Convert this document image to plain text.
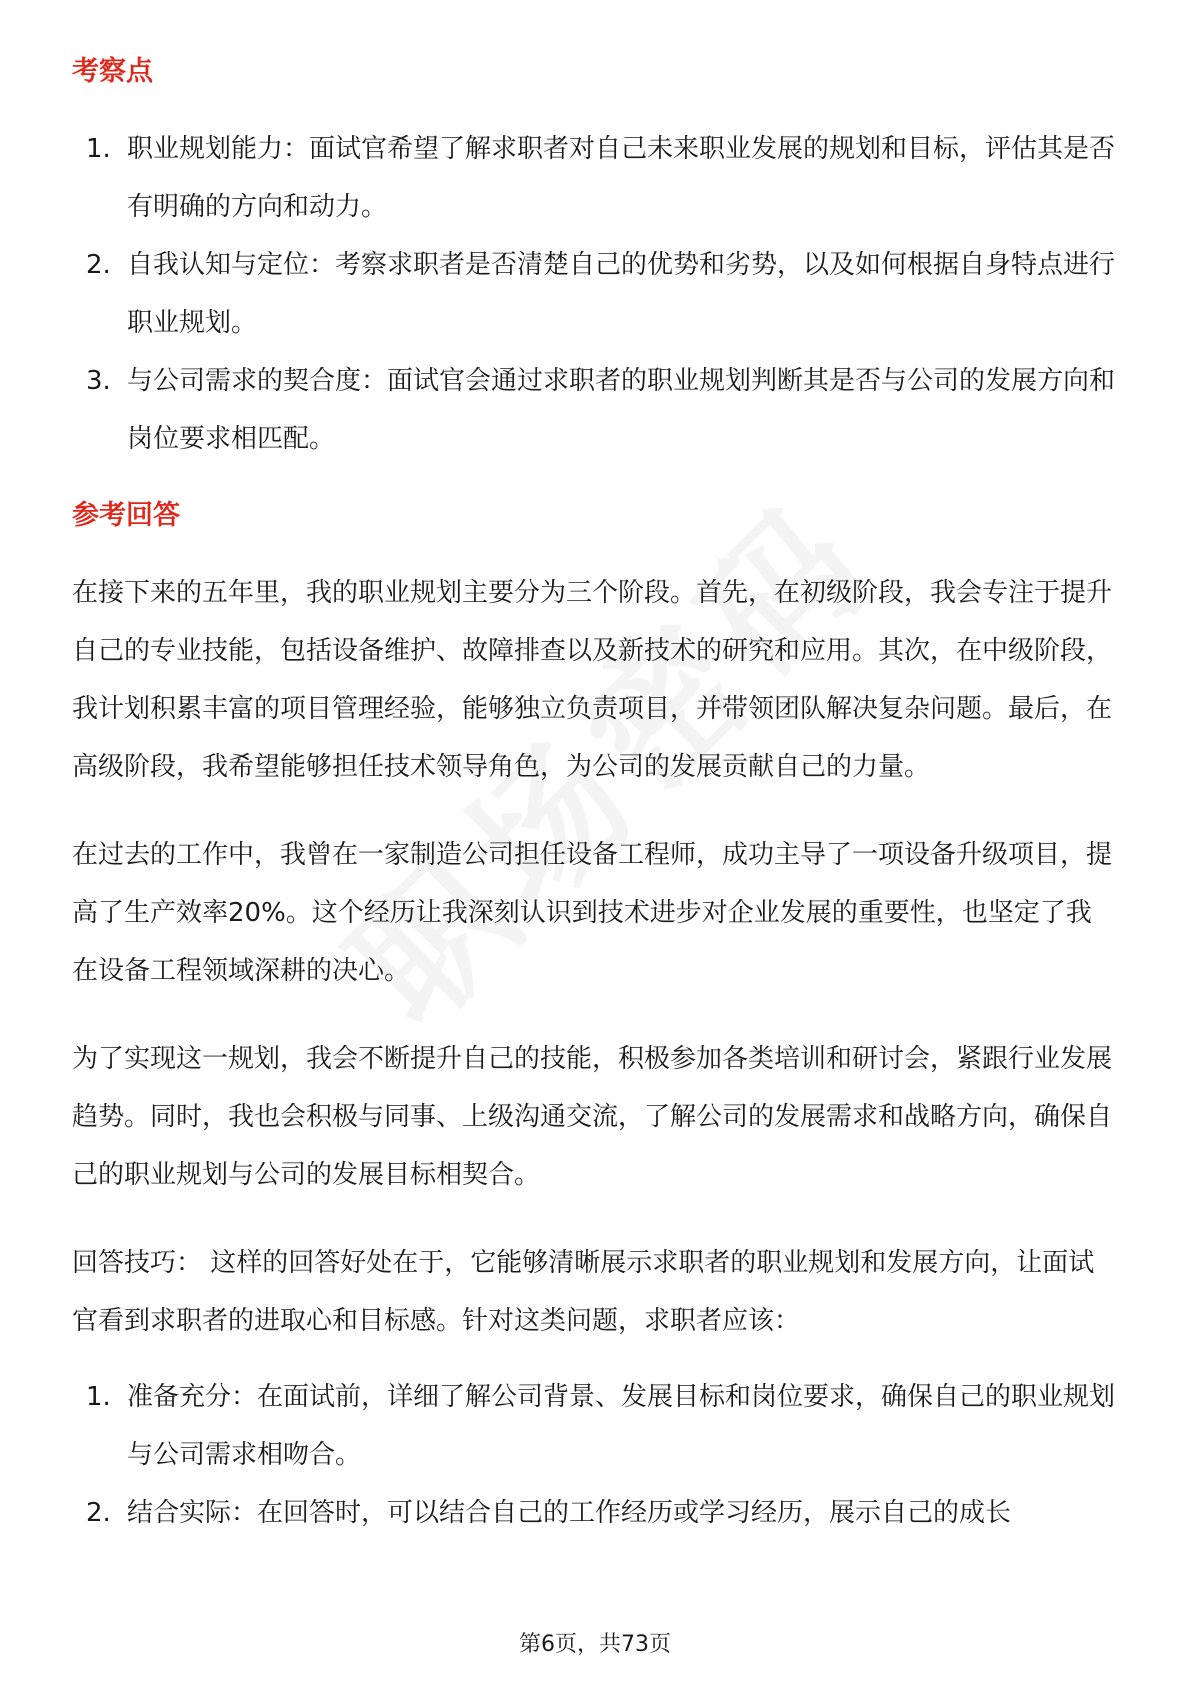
考察点
1. 职业规划能力：面试官希望了解求职者对自己未来职业发展的规划和目标，评估其是否有明确的方向和动力。
2. 自我认知与定位：考察求职者是否清楚自己的优势和劣势，以及如何根据自身特点进行职业规划。
3. 与公司需求的契合度：面试官会通过求职者的职业规划判断其是否与公司的发展方向和岗位要求相匹配。
参考回答

在接下来的五年里，我的职业规划主要分为三个阶段。首先，在初级阶段，我会专注于提升自己的专业技能，包括设备维护、故障排查以及新技术的研究和应用。其次，在中级阶段，我计划积累丰富的项目管理经验，能够独立负责项目，并带领团队解决复杂问题。最后，在高级阶段，我希望能够担任技术领导角色，为公司的发展贡献自己的力量。

在过去的工作中，我曾在一家制造公司担任设备工程师，成功主导了一项设备升级项目，提高了生产效率20%。这个经历让我深刻认识到技术进步对企业发展的重要性，也坚定了我在设备工程领域深耕的决心。

为了实现这一规划，我会不断提升自己的技能，积极参加各类培训和研讨会，紧跟行业发展趋势。同时，我也会积极与同事、上级沟通交流，了解公司的发展需求和战略方向，确保自己的职业规划与公司的发展目标相契合。

回答技巧： 这样的回答好处在于，它能够清晰展示求职者的职业规划和发展方向，让面试官看到求职者的进取心和目标感。针对这类问题，求职者应该：

1. 准备充分：在面试前，详细了解公司背景、发展目标和岗位要求，确保自己的职业规划与公司需求相吻合。
2. 结合实际：在回答时，可以结合自己的工作经历或学习经历，展示自己的成长
第6页，共73页
